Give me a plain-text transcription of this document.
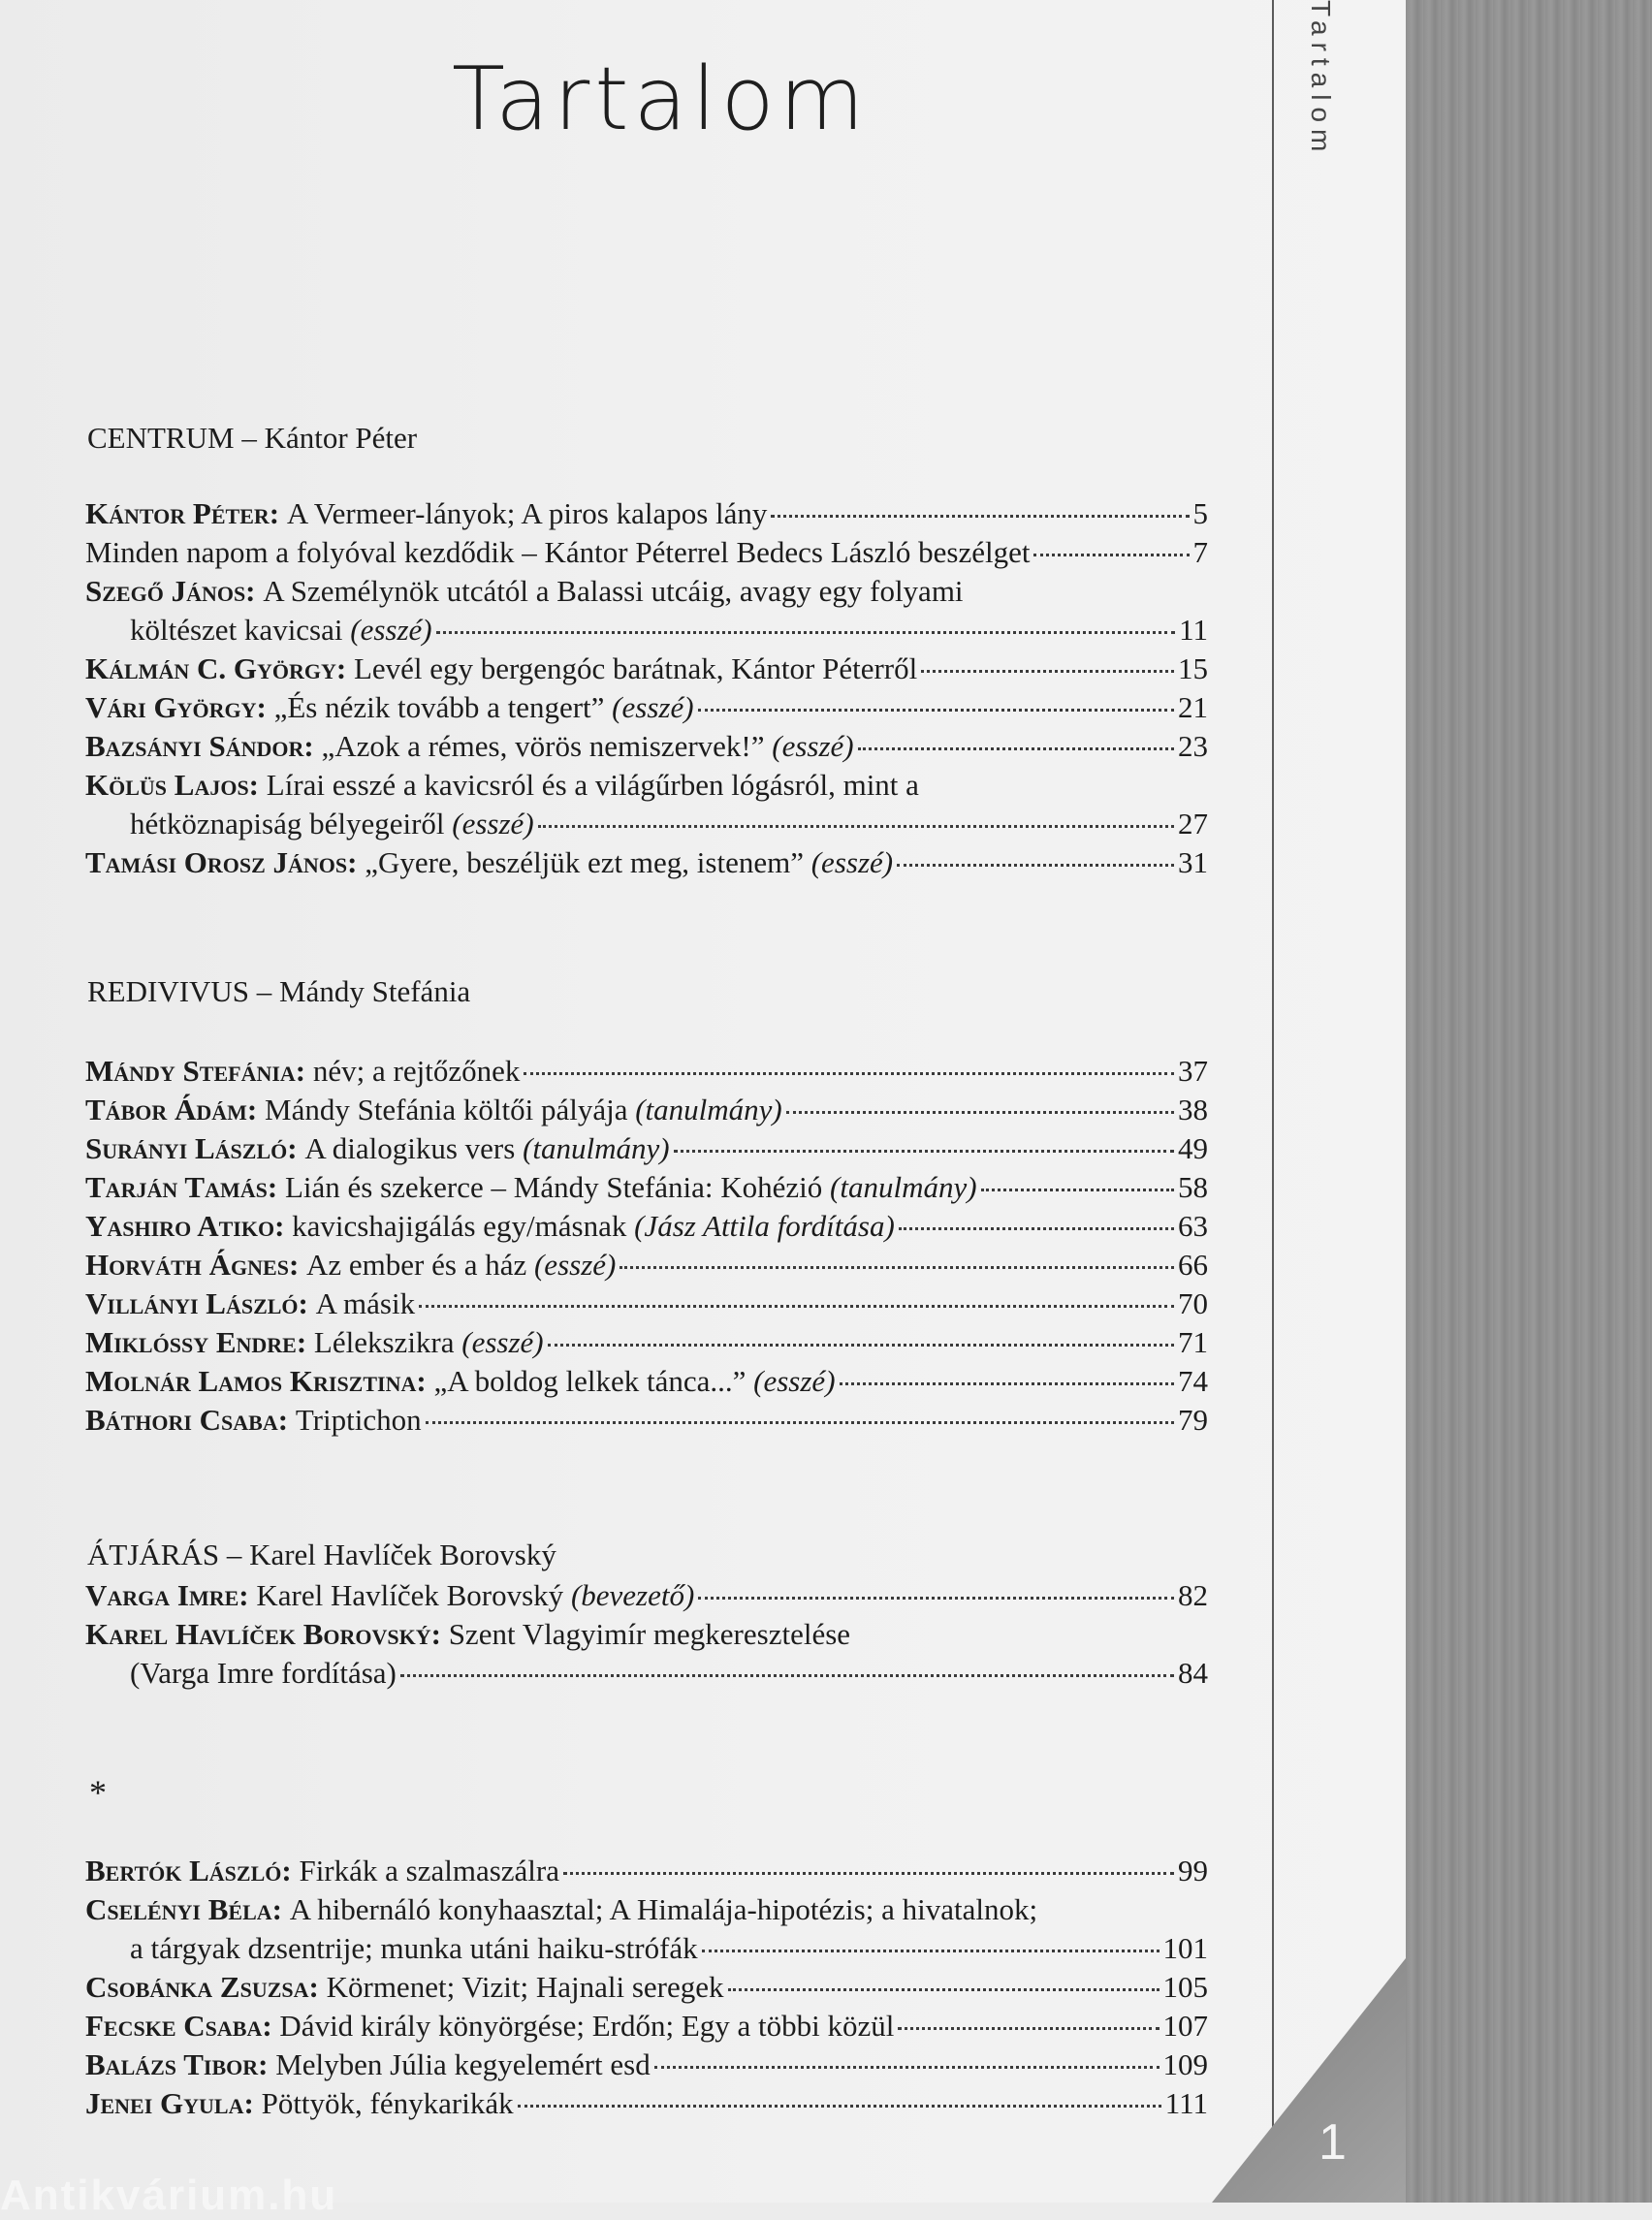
Tartalom
1
Tartalom
CENTRUM – Kántor Péter
Kántor Péter:
A Vermeer-lányok; A piros kalapos lány	5
Minden napom a folyóval kezdődik – Kántor Péterrel Bedecs László beszélget	7
Szegő János:
A Személynök utcától a Balassi utcáig, avagy egy folyami
költészet kavicsai
(esszé)	11
Kálmán C. György:
Levél egy bergengóc barátnak, Kántor Péterről	15
Vári György:
„És nézik tovább a tengert”
(esszé)	21
Bazsányi Sándor:
„Azok a rémes, vörös nemiszervek!”
(esszé)	23
Kölüs Lajos:
Lírai esszé a kavicsról és a világűrben lógásról, mint a
hétköznapiság bélyegeiről
(esszé)	27
Tamási Orosz János:
„Gyere, beszéljük ezt meg, istenem”
(esszé)	31
REDIVIVUS – Mándy Stefánia
Mándy Stefánia:
név; a rejtőzőnek	37
Tábor Ádám:
Mándy Stefánia költői pályája
(tanulmány)	38
Surányi László:
A dialogikus vers
(tanulmány)	49
Tarján Tamás:
Lián és szekerce – Mándy Stefánia: Kohézió
(tanulmány)	58
Yashiro Atiko:
kavicshajigálás egy/másnak
(Jász Attila fordítása)	63
Horváth Ágnes:
Az ember és a ház
(esszé)	66
Villányi László:
A másik	70
Miklóssy Endre:
Lélekszikra
(esszé)	71
Molnár Lamos Krisztina:
„A boldog lelkek tánca...”
(esszé)	74
Báthori Csaba:
Triptichon	79
ÁTJÁRÁS – Karel Havlíček Borovský
Varga Imre:
Karel Havlíček Borovský
(bevezető)	82
Karel Havlíček Borovský:
Szent Vlagyimír megkeresztelése
(Varga Imre fordítása)	84
*
Bertók László:
Firkák a szalmaszálra	99
Cselényi Béla:
A hibernáló konyhaasztal; A Himalája-hipotézis; a hivatalnok;
a tárgyak dzsentrije; munka utáni haiku-strófák	101
Csobánka Zsuzsa:
Körmenet; Vizit; Hajnali seregek	105
Fecske Csaba:
Dávid király könyörgése; Erdőn; Egy a többi közül	107
Balázs Tibor:
Melyben Júlia kegyelemért esd	109
Jenei Gyula:
Pöttyök, fénykarikák	111
Antikvárium.hu
